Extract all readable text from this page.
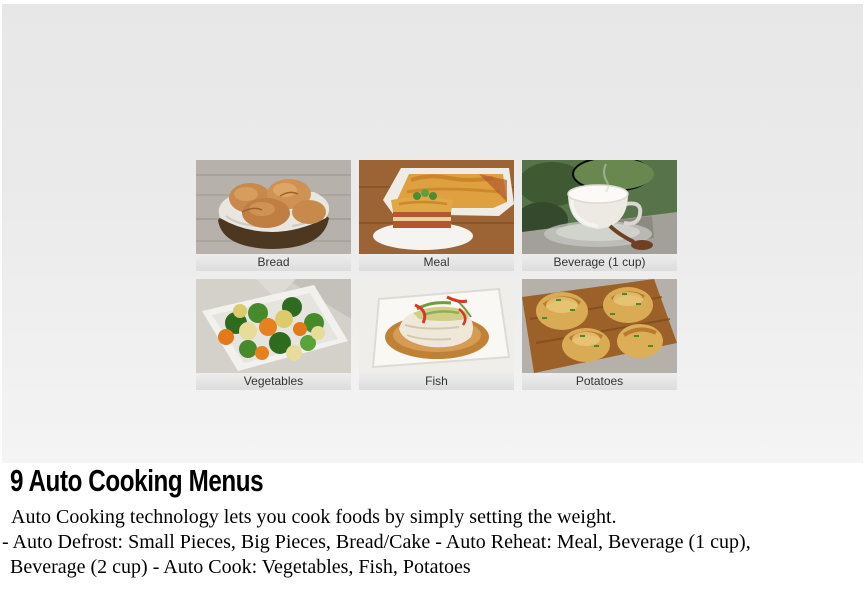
Bread	Meal	Beverage (1 cup)
Vegetables	Fish	Potatoes
9 Auto Cooking Menus
Auto Cooking technology lets you cook foods by simply setting the weight.
- Auto Defrost: Small Pieces, Big Pieces, Bread/Cake - Auto Reheat: Meal, Beverage (1 cup),
Beverage (2 cup) - Auto Cook: Vegetables, Fish, Potatoes
